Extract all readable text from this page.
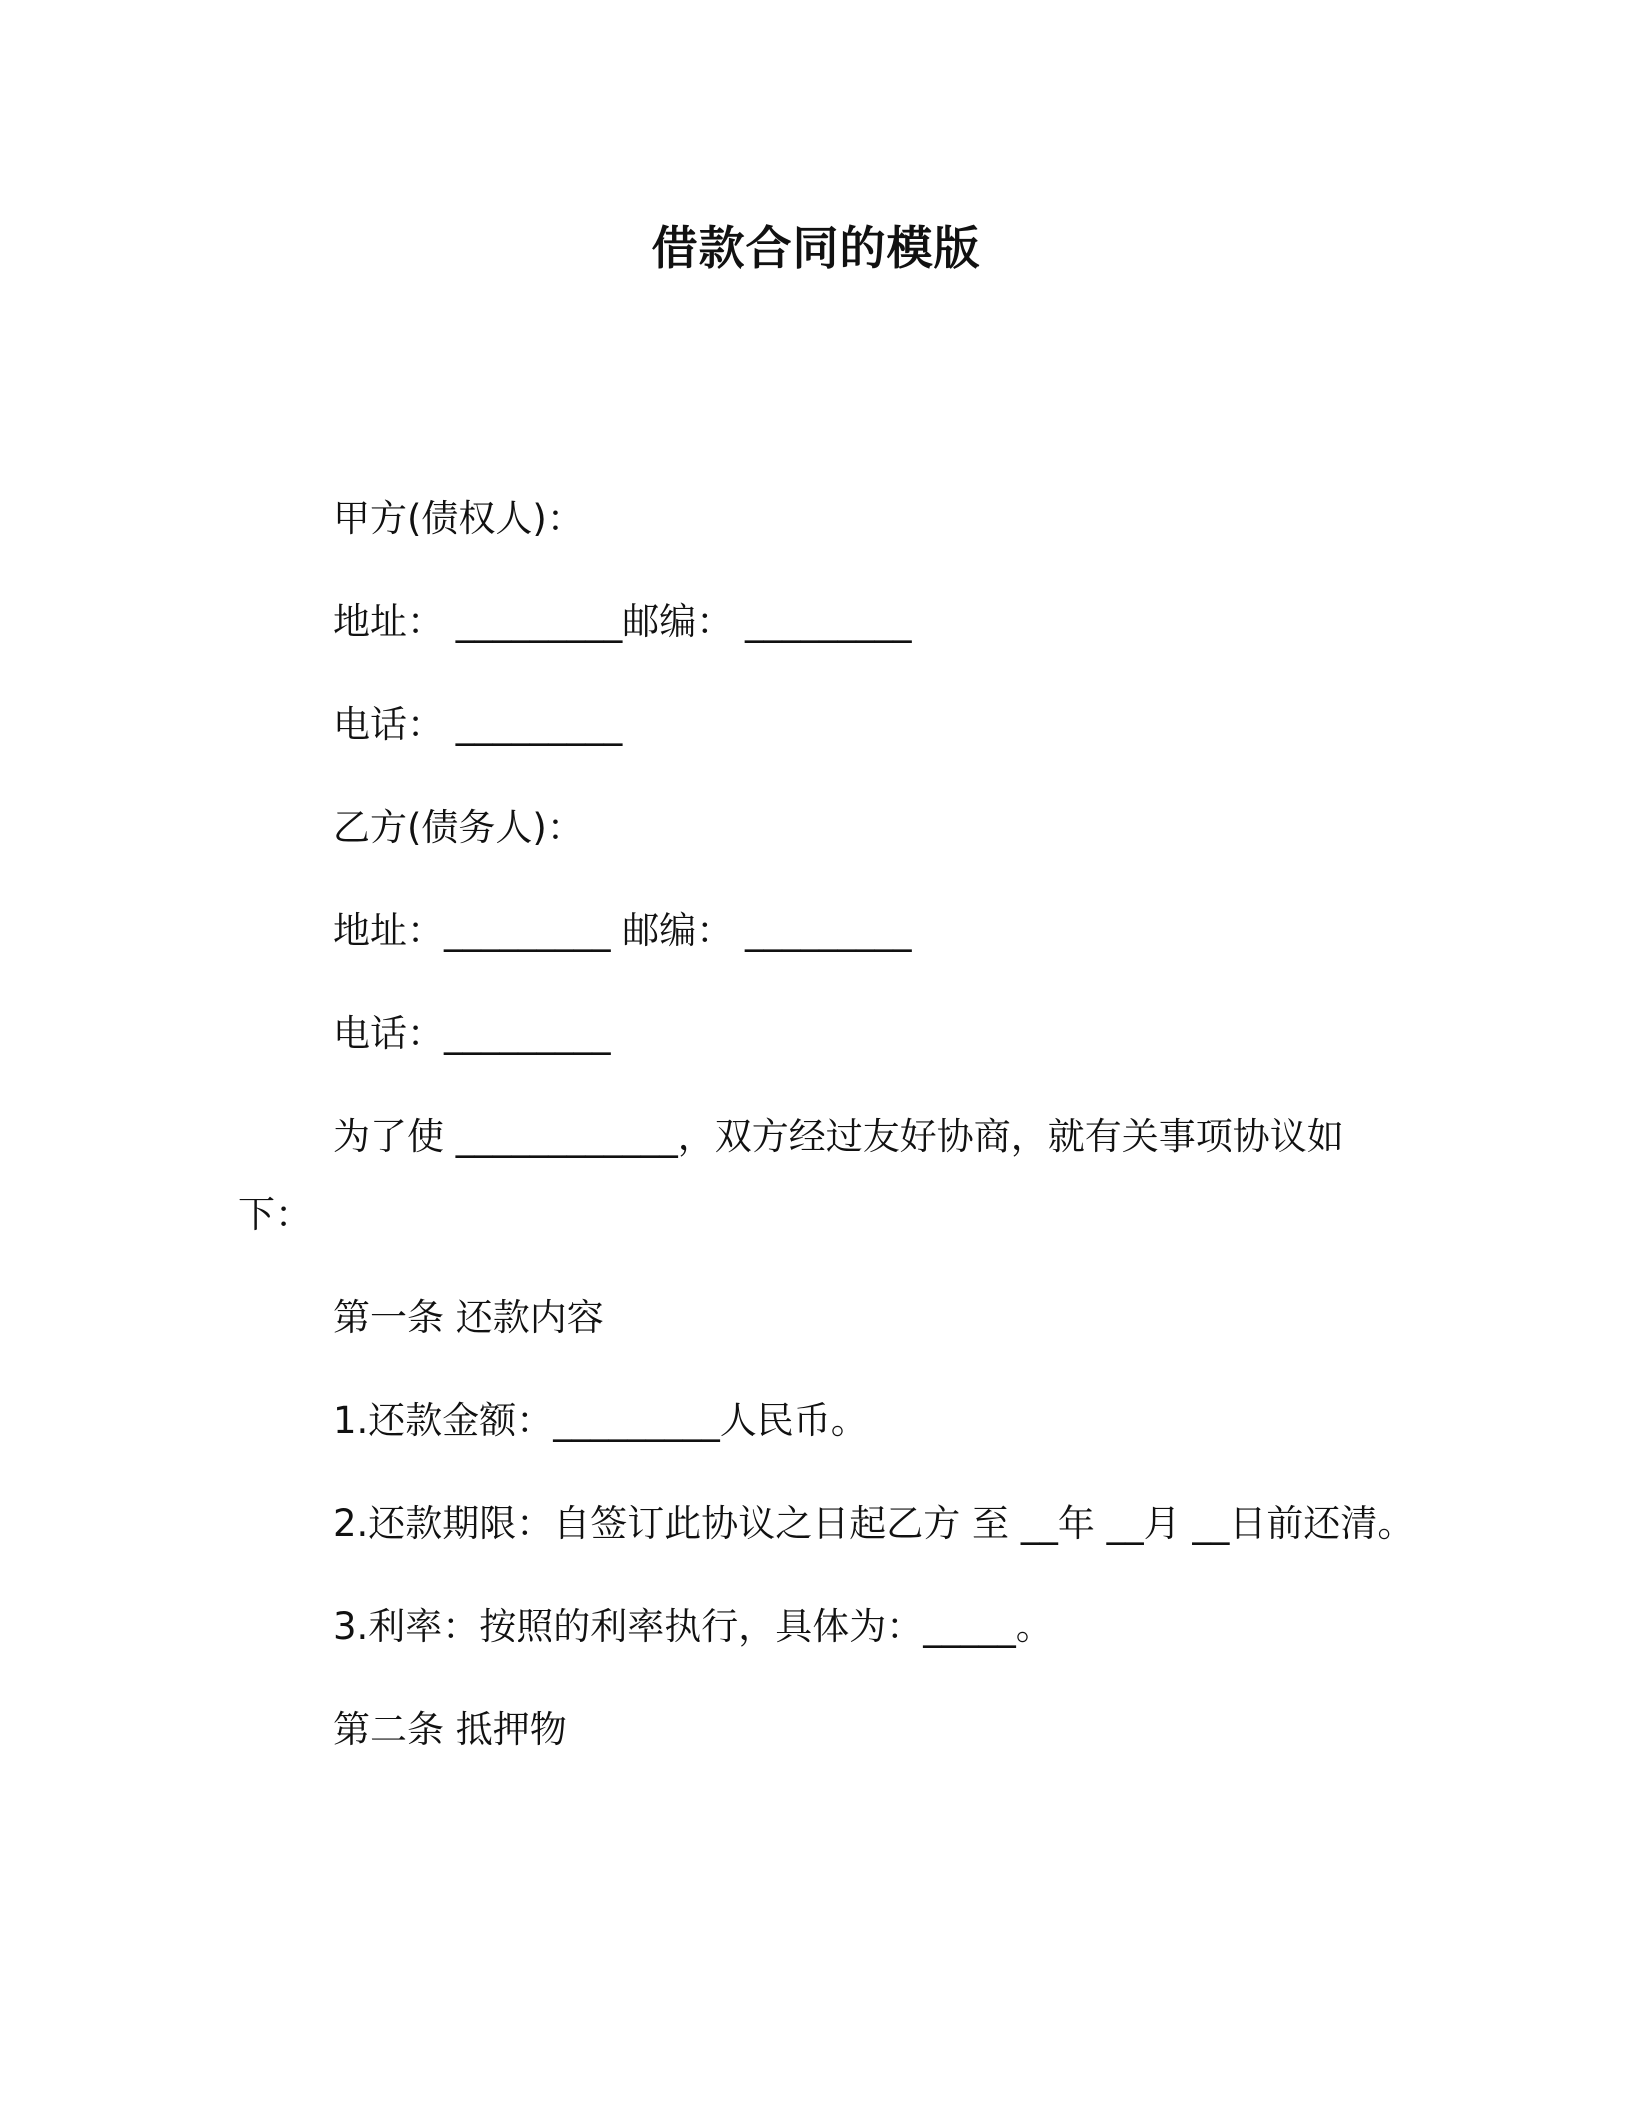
借款合同的模版
甲方(债权人)：
地址： _________邮编： _________
电话： _________
乙方(债务人)：
地址：_________ 邮编： _________
电话：_________
为了使 ____________，双方经过友好协商，就有关事项协议如
下：
第一条 还款内容
1.还款金额：_________人民币。
2.还款期限：自签订此协议之日起乙方 至 __年 __月 __日前还清。
3.利率：按照的利率执行，具体为：_____。
第二条 抵押物
